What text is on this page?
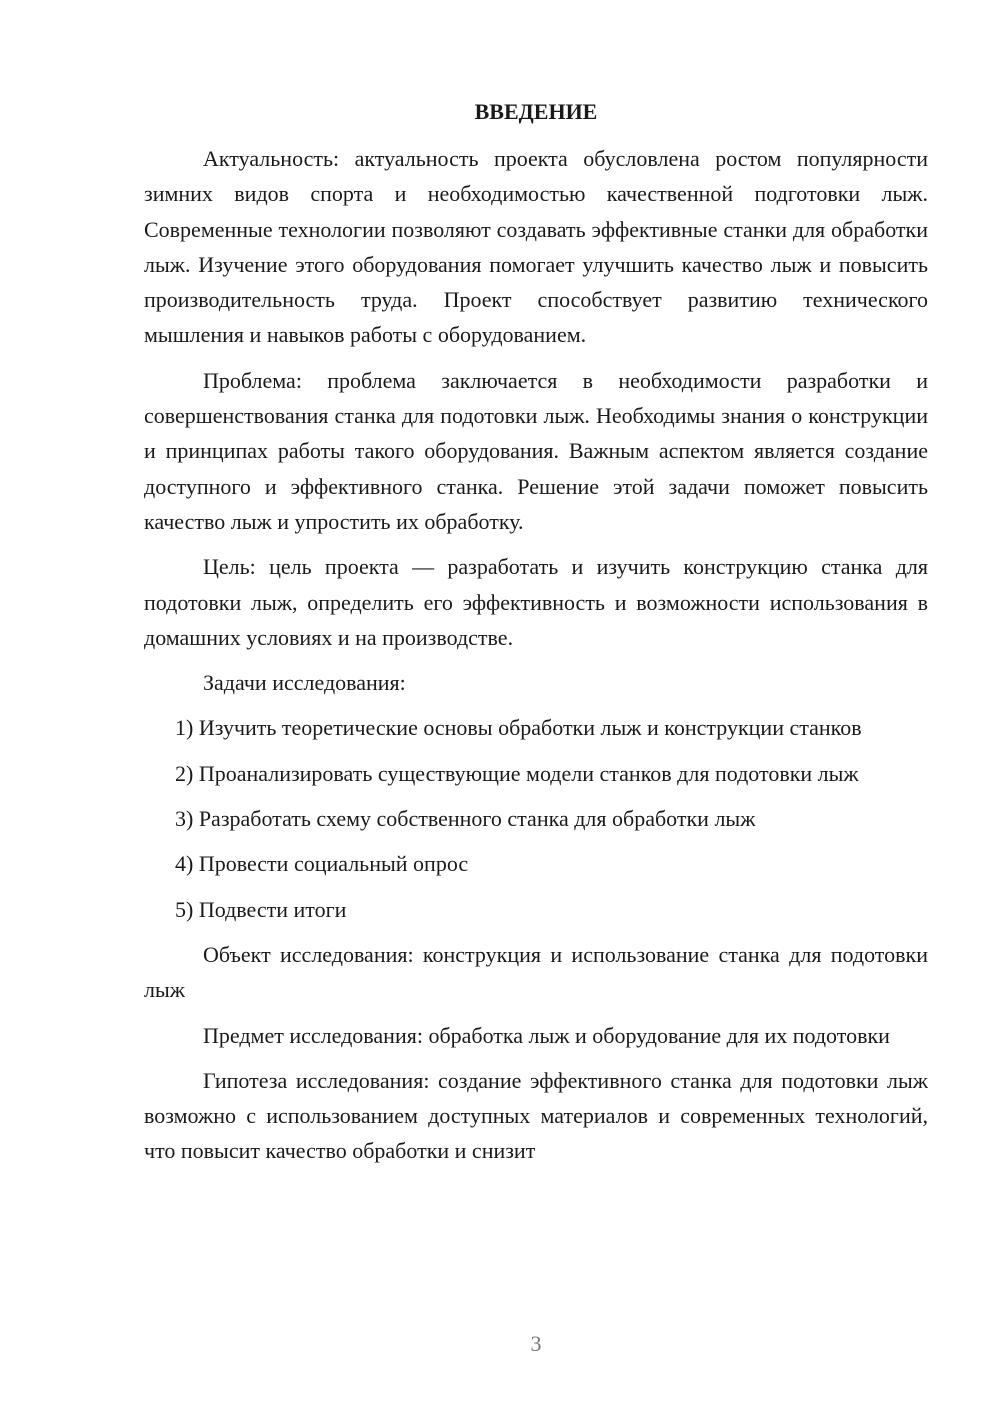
ВВЕДЕНИЕ

Актуальность: актуальность проекта обусловлена ростом популярности зимних видов спорта и необходимостью качественной подготовки лыж. Современные технологии позволяют создавать эффективные станки для обработки лыж. Изучение этого оборудования помогает улучшить качество лыж и повысить производительность труда. Проект способствует развитию технического мышления и навыков работы с оборудованием.

Проблема: проблема заключается в необходимости разработки и совершенствования станка для подотовки лыж. Необходимы знания о конструкции и принципах работы такого оборудования. Важным аспектом является создание доступного и эффективного станка. Решение этой задачи поможет повысить качество лыж и упростить их обработку.

Цель: цель проекта — разработать и изучить конструкцию станка для подотовки лыж, определить его эффективность и возможности использования в домашних условиях и на производстве.

Задачи исследования:

1) Изучить теоретические основы обработки лыж и конструкции станков

2) Проанализировать существующие модели станков для подотовки лыж

3) Разработать схему собственного станка для обработки лыж

4) Провести социальный опрос

5) Подвести итоги

Объект исследования: конструкция и использование станка для подотовки лыж

Предмет исследования: обработка лыж и оборудование для их подотовки

Гипотеза исследования: создание эффективного станка для подотовки лыж возможно с использованием доступных материалов и современных технологий, что повысит качество обработки и снизит

3
